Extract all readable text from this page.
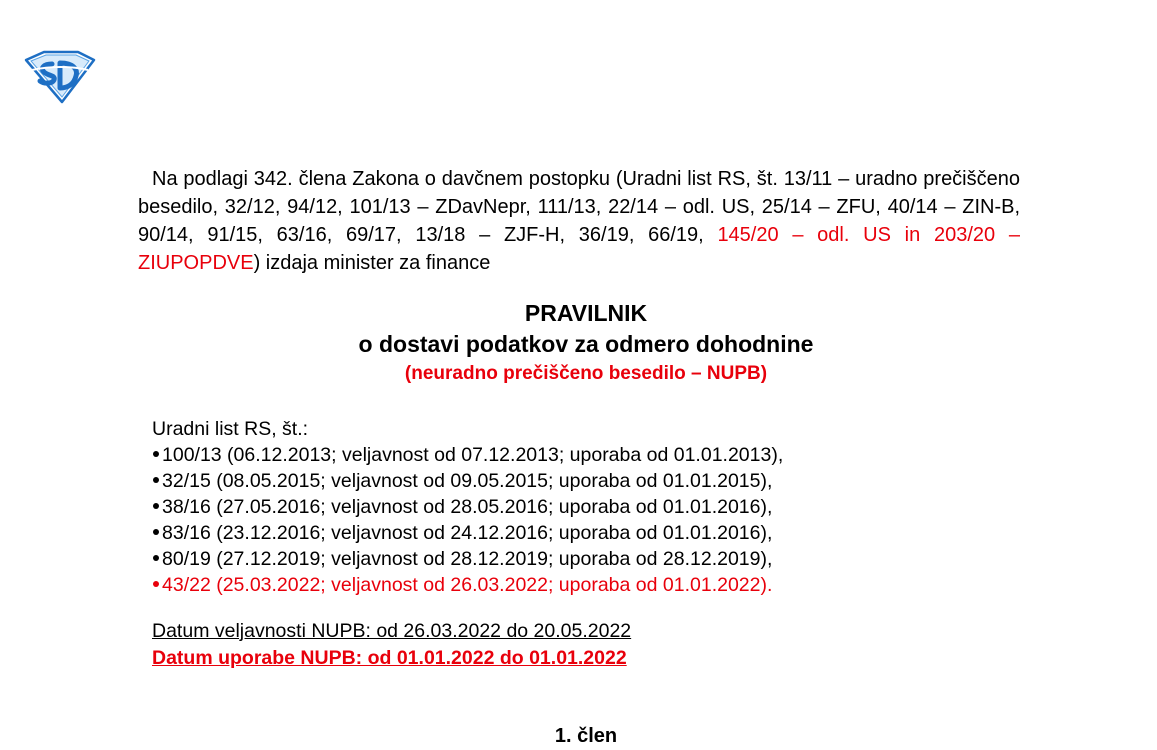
Na podlagi 342. člena Zakona o davčnem postopku (Uradni list RS, št. 13/11 – uradno prečiščeno besedilo, 32/12, 94/12, 101/13 – ZDavNepr, 111/13, 22/14 – odl. US, 25/14 – ZFU, 40/14 – ZIN-B, 90/14, 91/15, 63/16, 69/17, 13/18 – ZJF-H, 36/19, 66/19, 145/20 – odl. US in 203/20 – ZIUPOPDVE) izdaja minister za finance

PRAVILNIK

o dostavi podatkov za odmero dohodnine

(neuradno prečiščeno besedilo – NUPB)

Uradni list RS, št.:

100/13 (06.12.2013; veljavnost od 07.12.2013; uporaba od 01.01.2013),
32/15 (08.05.2015; veljavnost od 09.05.2015; uporaba od 01.01.2015),
38/16 (27.05.2016; veljavnost od 28.05.2016; uporaba od 01.01.2016),
83/16 (23.12.2016; veljavnost od 24.12.2016; uporaba od 01.01.2016),
80/19 (27.12.2019; veljavnost od 28.12.2019; uporaba od 28.12.2019),
43/22 (25.03.2022; veljavnost od 26.03.2022; uporaba od 01.01.2022).

Datum veljavnosti NUPB: od 26.03.2022 do 20.05.2022

Datum uporabe NUPB: od 01.01.2022 do 01.01.2022

1. člen
